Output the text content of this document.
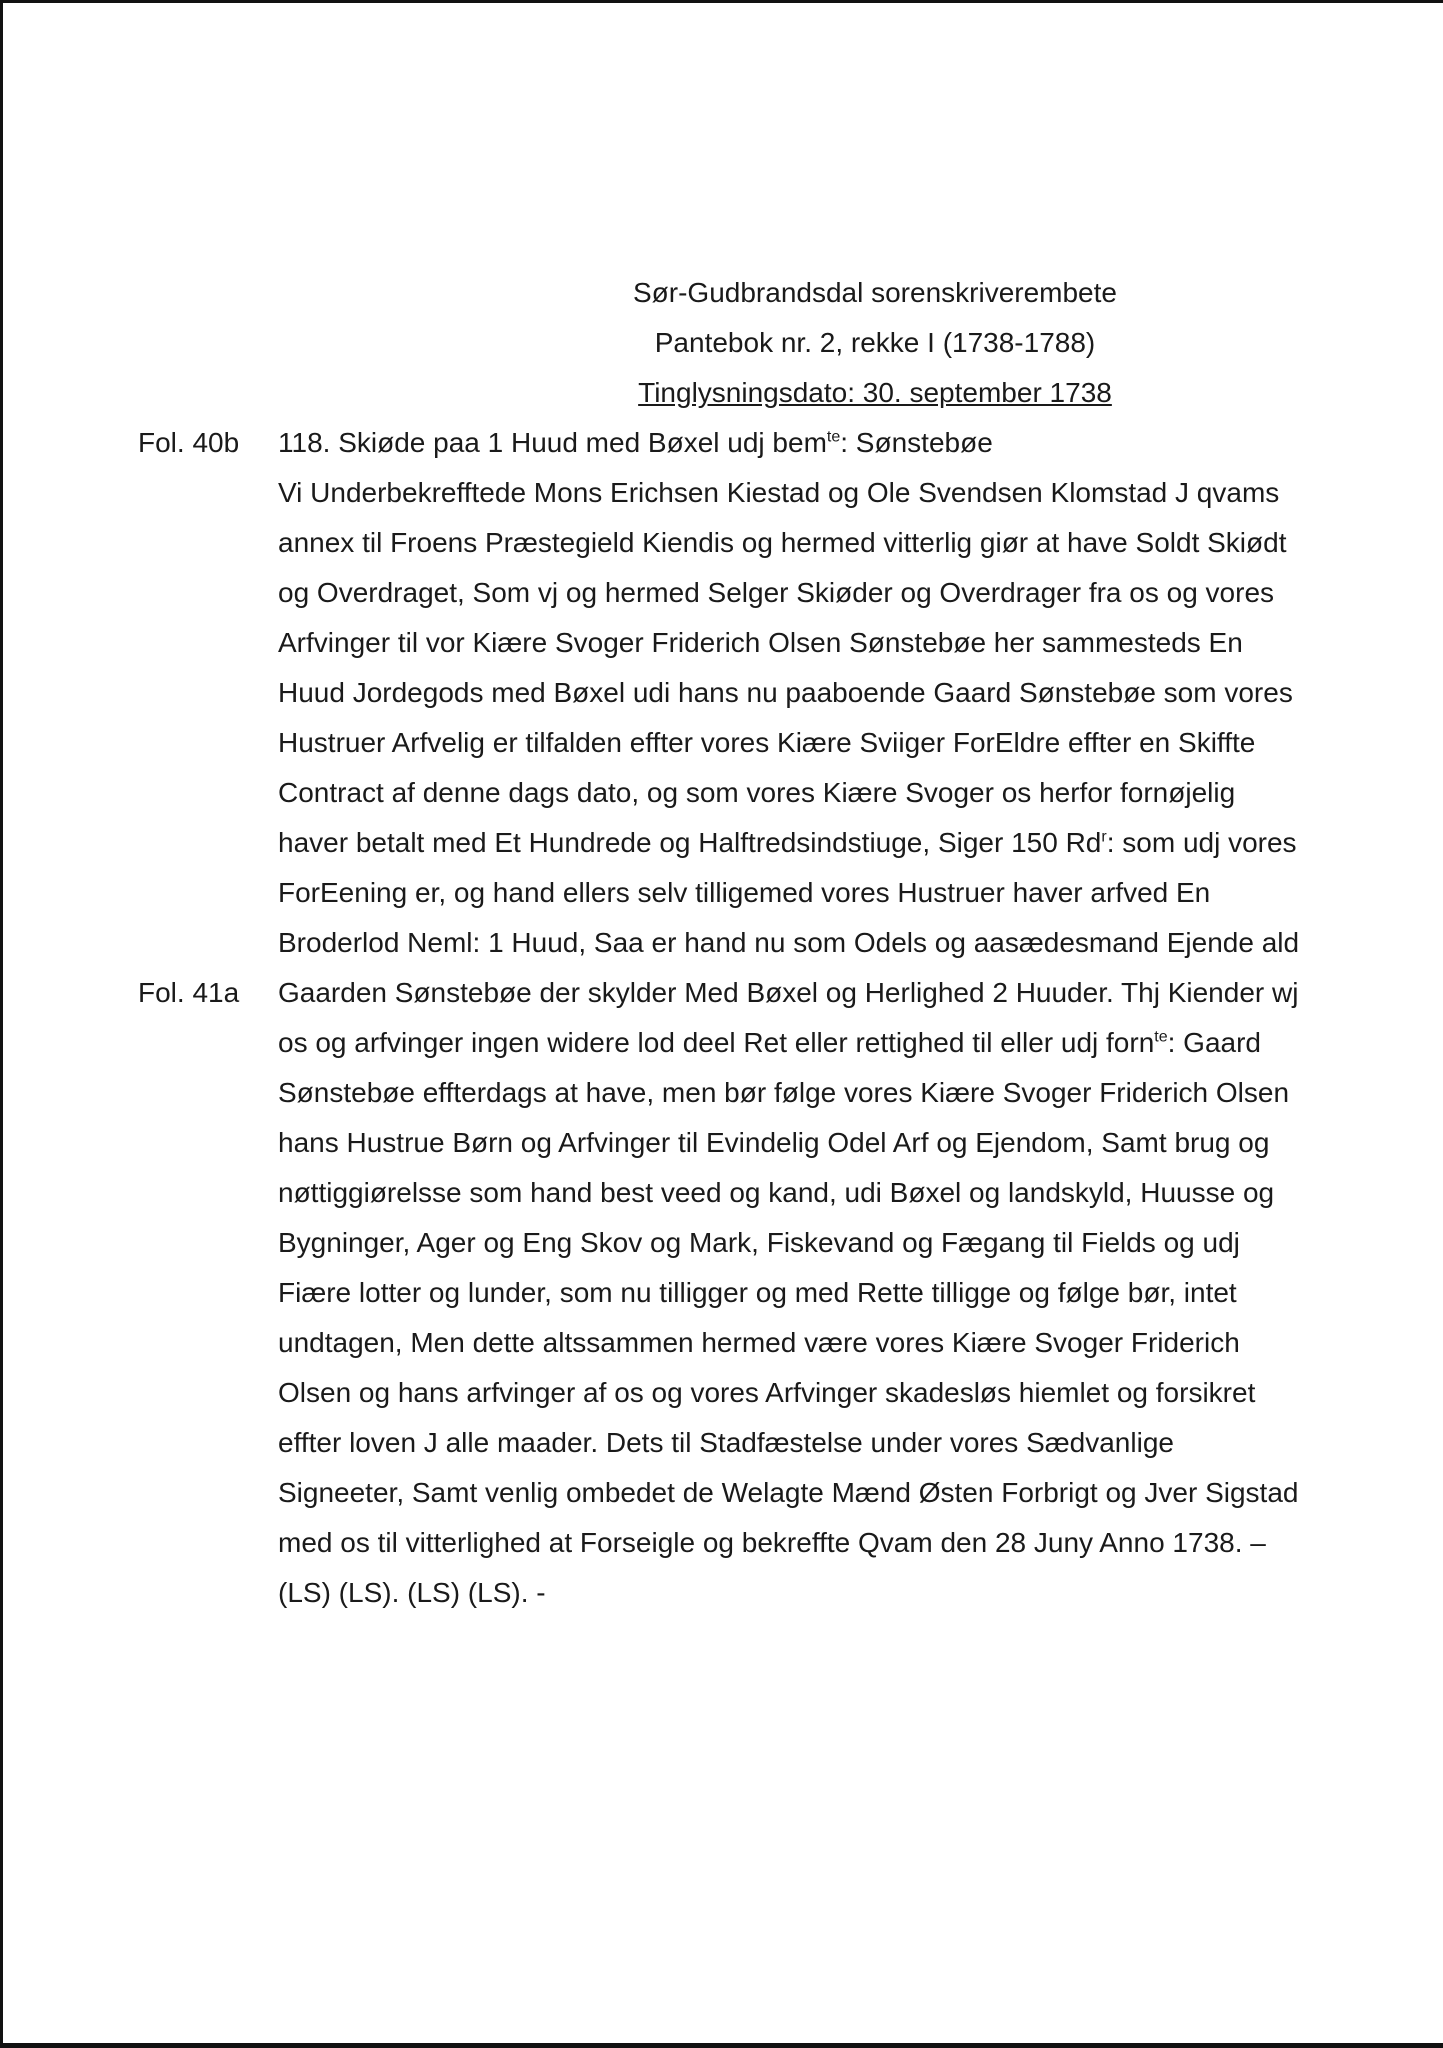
Sør-Gudbrandsdal sorenskriverembete
Pantebok nr. 2, rekke I (1738-1788)
Tinglysningsdato: 30. september 1738
Fol. 40b
Fol. 41a
118. Skiøde paa 1 Huud med Bøxel udj bem$^{te}$: Sønstebøe
Vi Underbekrefftede Mons Erichsen Kiestad og Ole Svendsen Klomstad J qvams
annex til Froens Præstegield Kiendis og hermed vitterlig giør at have Soldt Skiødt
og Overdraget, Som vj og hermed Selger Skiøder og Overdrager fra os og vores
Arfvinger til vor Kiære Svoger Friderich Olsen Sønstebøe her sammesteds En
Huud Jordegods med Bøxel udi hans nu paaboende Gaard Sønstebøe som vores
Hustruer Arfvelig er tilfalden effter vores Kiære Sviiger ForEldre effter en Skiffte
Contract af denne dags dato, og som vores Kiære Svoger os herfor fornøjelig
haver betalt med Et Hundrede og Halftredsindstiuge, Siger 150 Rd$^r$: som udj vores
ForEening er, og hand ellers selv tilligemed vores Hustruer haver arfved En
Broderlod Neml: 1 Huud, Saa er hand nu som Odels og aasædesmand Ejende ald
Gaarden Sønstebøe der skylder Med Bøxel og Herlighed 2 Huuder. Thj Kiender wj
os og arfvinger ingen widere lod deel Ret eller rettighed til eller udj forn$^{te}$: Gaard
Sønstebøe effterdags at have, men bør følge vores Kiære Svoger Friderich Olsen
hans Hustrue Børn og Arfvinger til Evindelig Odel Arf og Ejendom, Samt brug og
nøttiggiørelsse som hand best veed og kand, udi Bøxel og landskyld, Huusse og
Bygninger, Ager og Eng Skov og Mark, Fiskevand og Fægang til Fields og udj
Fiære lotter og lunder, som nu tilligger og med Rette tilligge og følge bør, intet
undtagen, Men dette altssammen hermed være vores Kiære Svoger Friderich
Olsen og hans arfvinger af os og vores Arfvinger skadesløs hiemlet og forsikret
effter loven J alle maader. Dets til Stadfæstelse under vores Sædvanlige
Signeeter, Samt venlig ombedet de Welagte Mænd Østen Forbrigt og Jver Sigstad
med os til vitterlighed at Forseigle og bekreffte Qvam den 28 Juny Anno 1738. –
(LS) (LS). (LS) (LS). -
